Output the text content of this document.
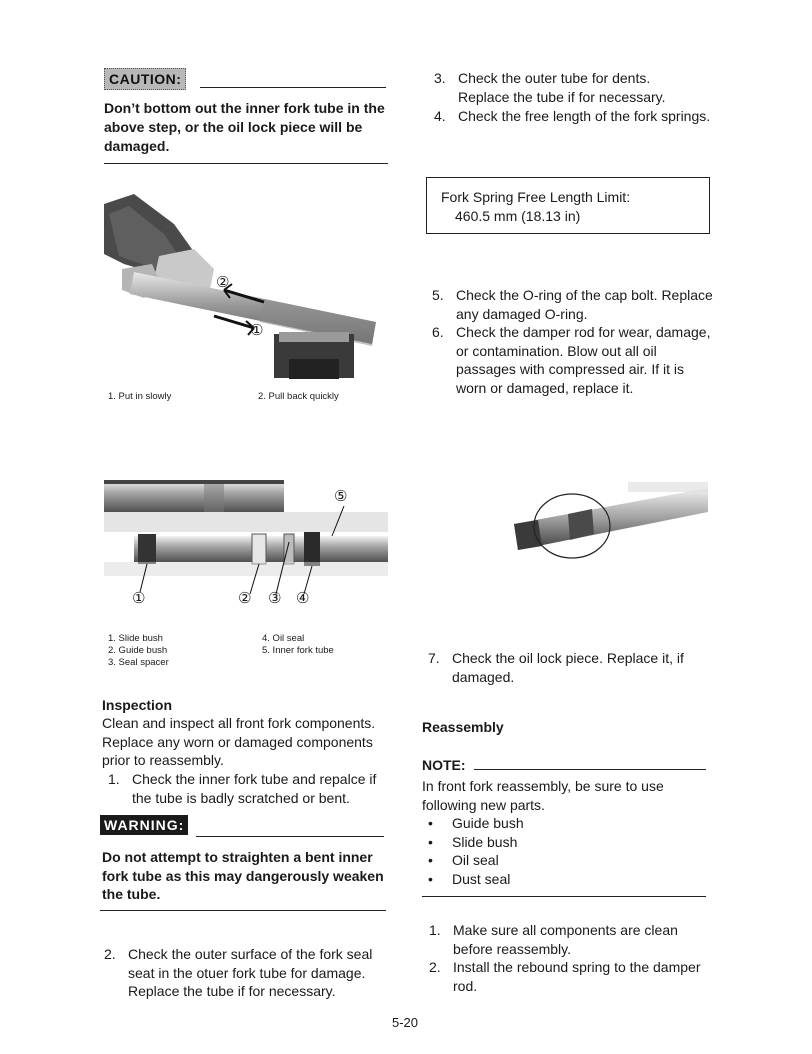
CAUTION:
Don’t bottom out the inner fork tube in the
above step, or the oil lock piece will be
damaged.
②
①
1. Put in slowly	2. Pull back quickly
⑤
①	② ③ ④
1. Slide bush
2. Guide bush
3. Seal spacer
4. Oil seal
5. Inner fork tube
Inspection
Clean and inspect all front fork components.
Replace any worn or damaged components
prior to reassembly.
1. Check the inner fork tube and repalce if
the tube is badly scratched or bent.
WARNING:
Do not attempt to straighten a bent inner
fork tube as this may dangerously weaken
the tube.
2. Check the outer surface of the fork seal
seat in the otuer fork tube for damage.
Replace the tube if for necessary.
3. Check the outer tube for dents.
Replace the tube if for necessary.
4. Check the free length of the fork springs.
Fork Spring Free Length Limit:
460.5 mm (18.13 in)
5. Check the O-ring of the cap bolt. Replace
any damaged O-ring.
6. Check the damper rod for wear, damage,
or contamination. Blow out all oil
passages with compressed air. If it is
worn or damaged, replace it.
7. Check the oil lock piece. Replace it, if
damaged.
Reassembly
NOTE:
In front fork reassembly, be sure to use
following new parts.
• Guide bush
• Slide bush
• Oil seal
• Dust seal
1. Make sure all components are clean
before reassembly.
2. Install the rebound spring to the damper
rod.
5-20
